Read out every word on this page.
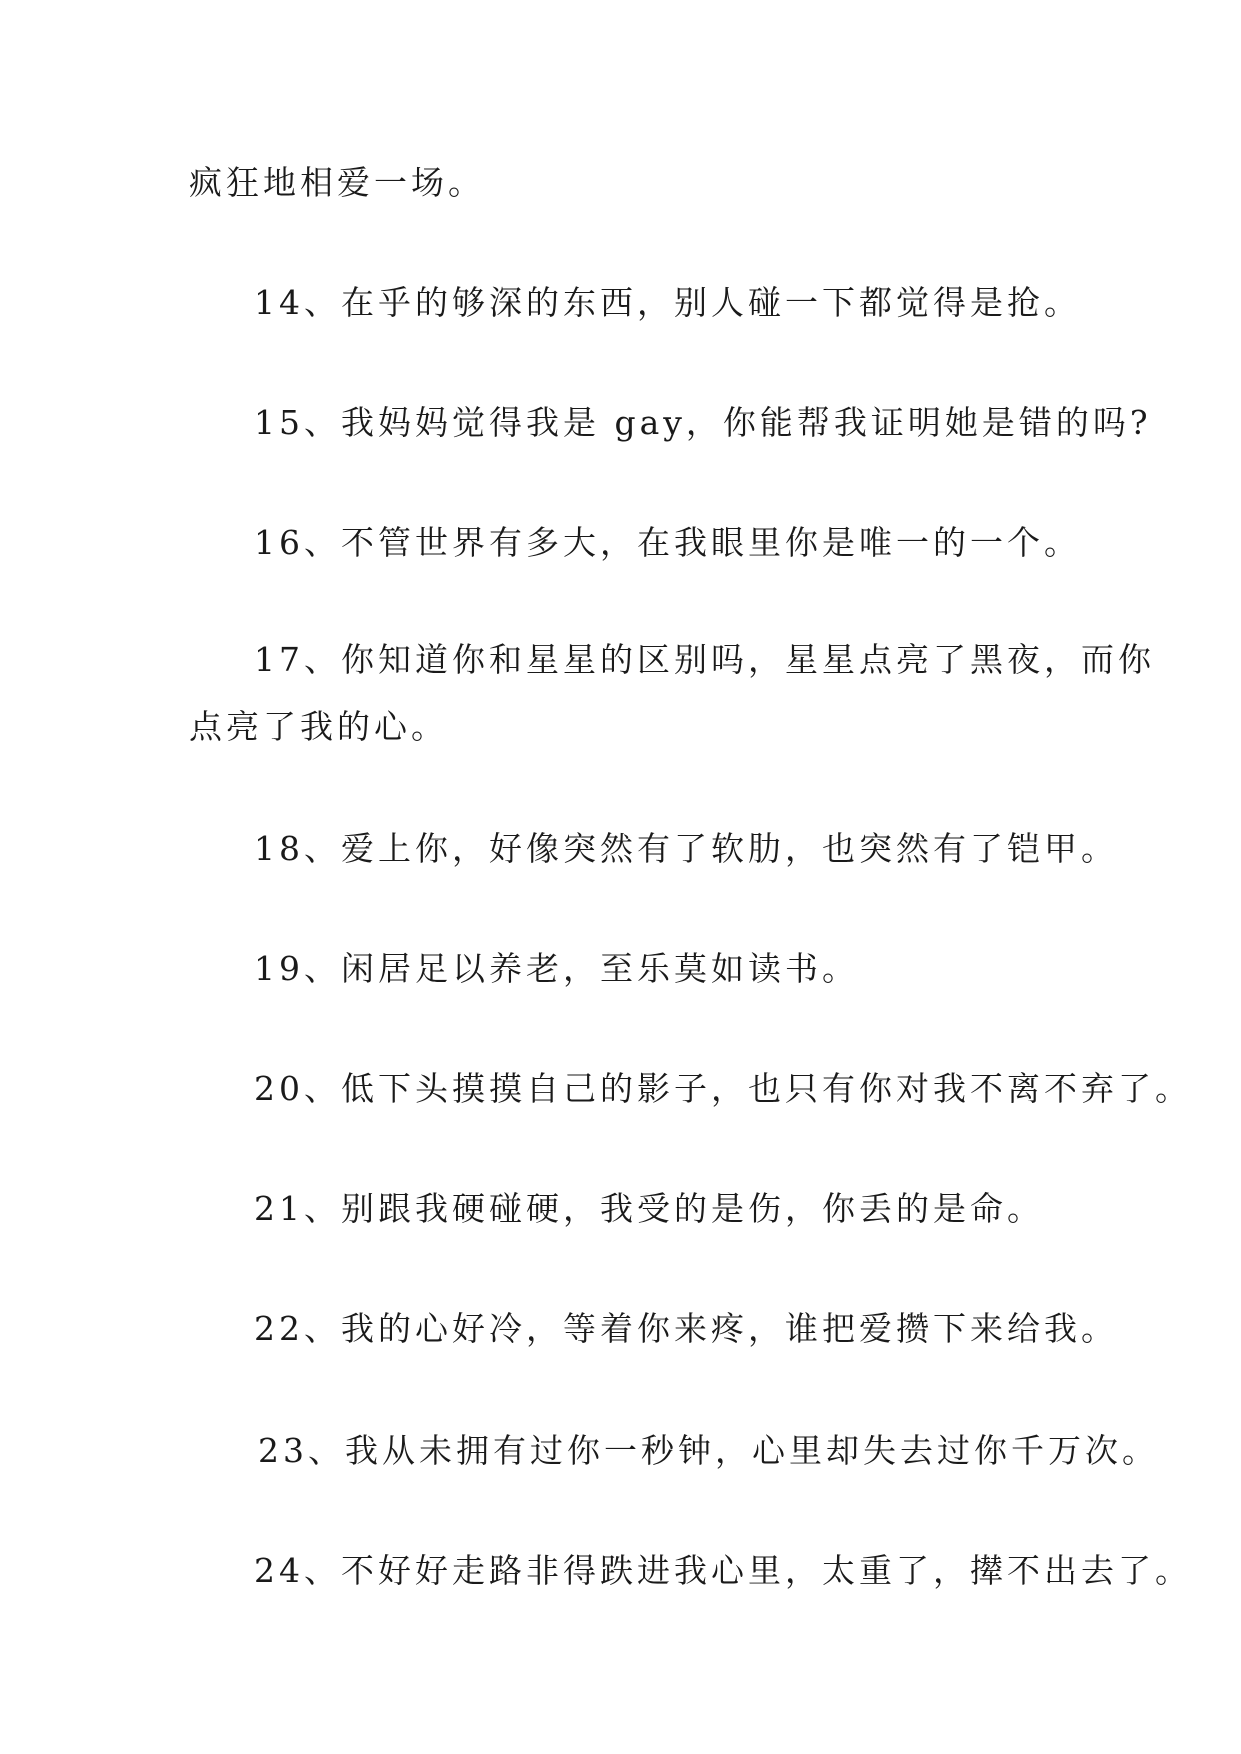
疯狂地相爱一场。

14、在乎的够深的东西，别人碰一下都觉得是抢。

15、我妈妈觉得我是 gay，你能帮我证明她是错的吗?

16、不管世界有多大，在我眼里你是唯一的一个。

17、你知道你和星星的区别吗，星星点亮了黑夜，而你

点亮了我的心。

18、爱上你，好像突然有了软肋，也突然有了铠甲。

19、闲居足以养老，至乐莫如读书。

20、低下头摸摸自己的影子，也只有你对我不离不弃了。

21、别跟我硬碰硬，我受的是伤，你丢的是命。

22、我的心好冷，等着你来疼，谁把爱攒下来给我。

23、我从未拥有过你一秒钟，心里却失去过你千万次。

24、不好好走路非得跌进我心里，太重了，撵不出去了。
